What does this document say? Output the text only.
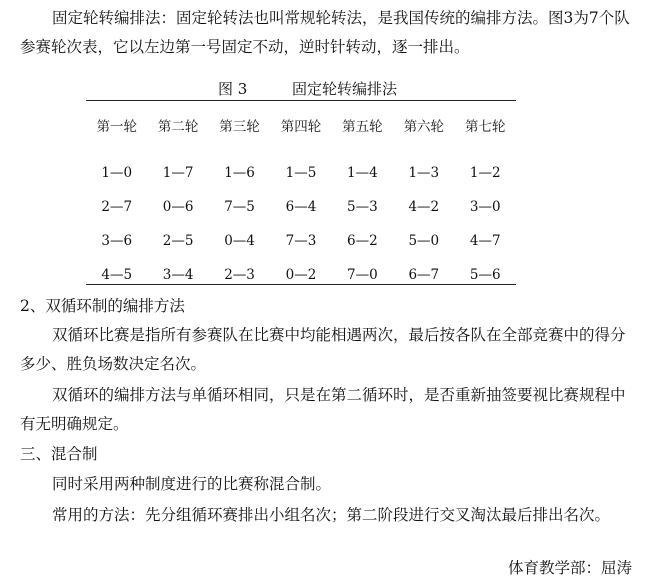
固定轮转编排法：固定轮转法也叫常规轮转法，是我国传统的编排方法。图3为7个队参赛轮次表，它以左边第一号固定不动，逆时针转动，逐一排出。

图 3	固定轮转编排法
第一轮	第二轮	第三轮	第四轮	第五轮	第六轮	第七轮

1—0	1—7	1—6	1—5	1—4	1—3	1—2
2—7	0—6	7—5	6—4	5—3	4—2	3—0
3—6	2—5	0—4	7—3	6—2	5—0	4—7
4—5	3—4	2—3	0—2	7—0	6—7	5—6

2、双循环制的编排方法

双循环比赛是指所有参赛队在比赛中均能相遇两次，最后按各队在全部竞赛中的得分多少、胜负场数决定名次。

双循环的编排方法与单循环相同，只是在第二循环时，是否重新抽签要视比赛规程中有无明确规定。

三、混合制

同时采用两种制度进行的比赛称混合制。

常用的方法：先分组循环赛排出小组名次；第二阶段进行交叉淘汰最后排出名次。

体育教学部：屈涛
